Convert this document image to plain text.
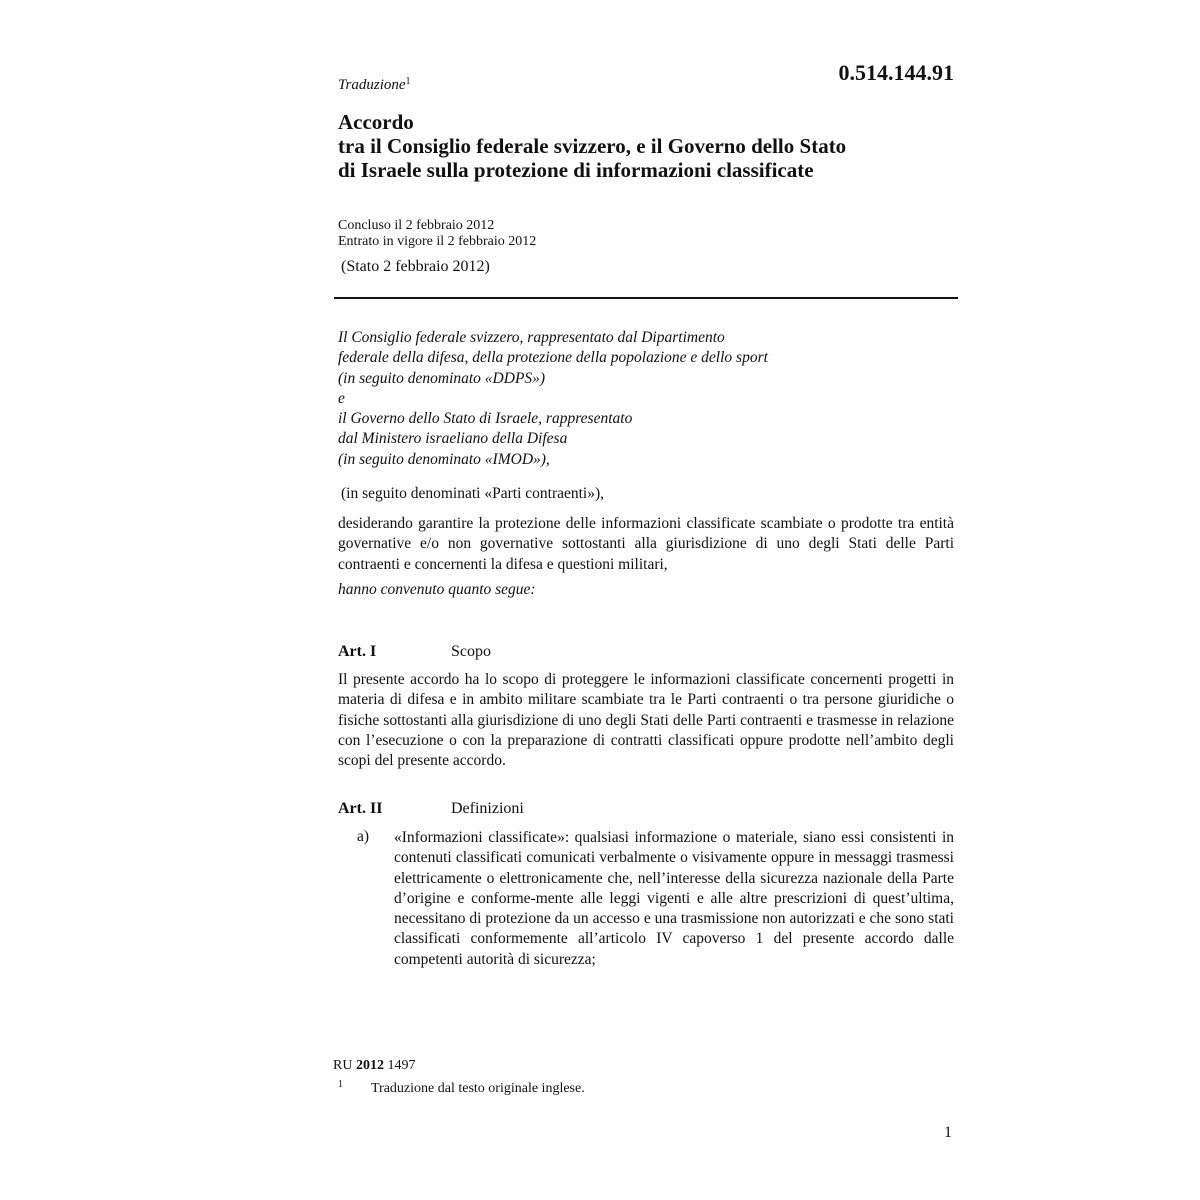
Traduzione$^1$	0.514.144.91
Accordo
tra il Consiglio federale svizzero, e il Governo dello Stato
di Israele sulla protezione di informazioni classificate
Concluso il 2 febbraio 2012
Entrato in vigore il 2 febbraio 2012
(Stato 2 febbraio 2012)
Il Consiglio federale svizzero, rappresentato dal Dipartimento
federale della difesa, della protezione della popolazione e dello sport
(in seguito denominato «DDPS»)
e
il Governo dello Stato di Israele, rappresentato
dal Ministero israeliano della Difesa
(in seguito denominato «IMOD»),
(in seguito denominati «Parti contraenti»),
desiderando garantire la protezione delle informazioni classificate scambiate o prodotte tra entità governative e/o non governative sottostanti alla giurisdizione di uno degli Stati delle Parti contraenti e concernenti la difesa e questioni militari,
hanno convenuto quanto segue:
Art. I	Scopo
Il presente accordo ha lo scopo di proteggere le informazioni classificate concernenti progetti in materia di difesa e in ambito militare scambiate tra le Parti contraenti o tra persone giuridiche o fisiche sottostanti alla giurisdizione di uno degli Stati delle Parti contraenti e trasmesse in relazione con l’esecuzione o con la preparazione di contratti classificati oppure prodotte nell’ambito degli scopi del presente accordo.
Art. II	Definizioni
a) «Informazioni classificate»: qualsiasi informazione o materiale, siano essi consistenti in contenuti classificati comunicati verbalmente o visivamente oppure in messaggi trasmessi elettricamente o elettronicamente che, nell’interesse della sicurezza nazionale della Parte d’origine e conforme-mente alle leggi vigenti e alle altre prescrizioni di quest’ultima, necessitano di protezione da un accesso e una trasmissione non autorizzati e che sono stati classificati conformemente all’articolo IV capoverso 1 del presente accordo dalle competenti autorità di sicurezza;
RU 2012 1497
1 Traduzione dal testo originale inglese.
1
